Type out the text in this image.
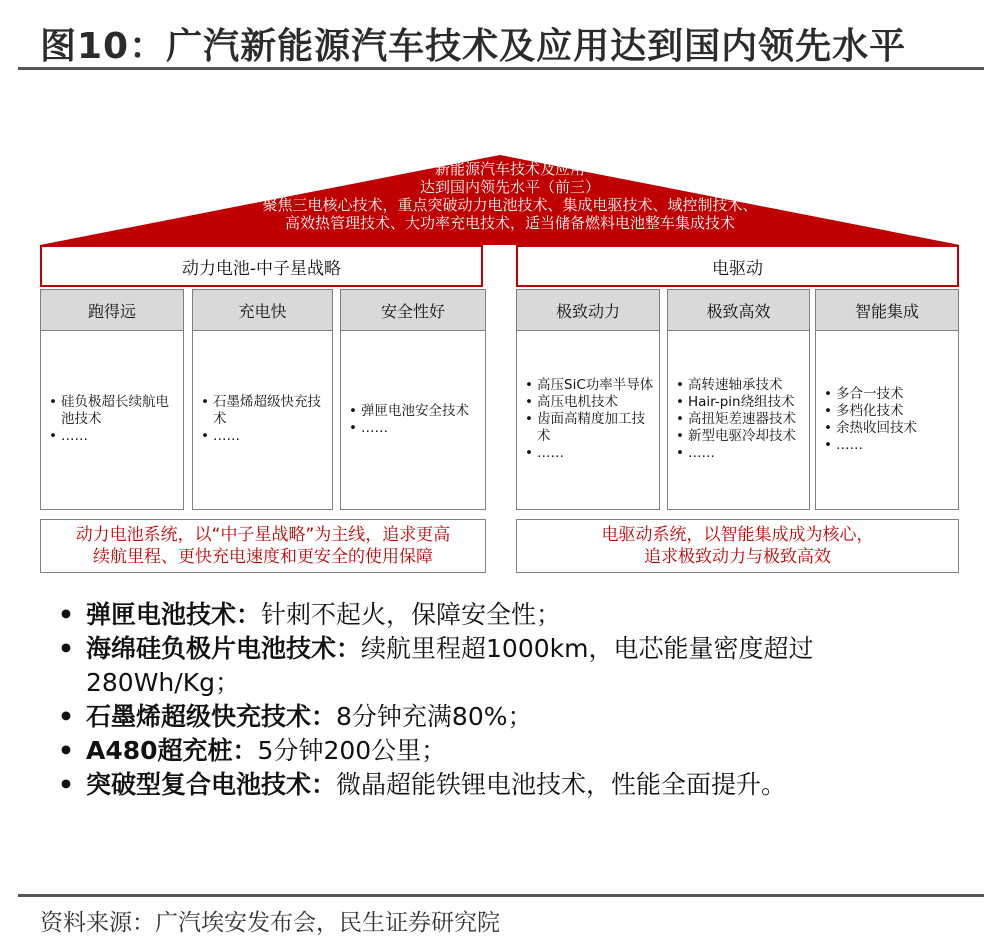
图10：广汽新能源汽车技术及应用达到国内领先水平
新能源汽车技术及应用
达到国内领先水平（前三）
聚焦三电核心技术，重点突破动力电池技术、集成电驱技术、域控制技术、
高效热管理技术、大功率充电技术，适当储备燃料电池整车集成技术
动力电池-中子星战略	电驱动
跑得远
• 硅负极超长续航电池技术
• ……
充电快
• 石墨烯超级快充技术
• ……
安全性好
• 弹匣电池安全技术
• ……
极致动力
• 高压SiC功率半导体
• 高压电机技术
• 齿面高精度加工技术
• ……
极致高效
• 高转速轴承技术
• Hair-pin绕组技术
• 高扭矩差速器技术
• 新型电驱冷却技术
• ……
智能集成
• 多合一技术
• 多档化技术
• 余热收回技术
• ……
动力电池系统，以“中子星战略”为主线，追求更高
续航里程、更快充电速度和更安全的使用保障
电驱动系统，以智能集成成为核心，
追求极致动力与极致高效
• 弹匣电池技术：针刺不起火，保障安全性；
• 海绵硅负极片电池技术：续航里程超1000km，电芯能量密度超过280Wh/Kg；
• 石墨烯超级快充技术：8分钟充满80%；
• A480超充桩：5分钟200公里；
• 突破型复合电池技术：微晶超能铁锂电池技术，性能全面提升。
资料来源：广汽埃安发布会，民生证券研究院
